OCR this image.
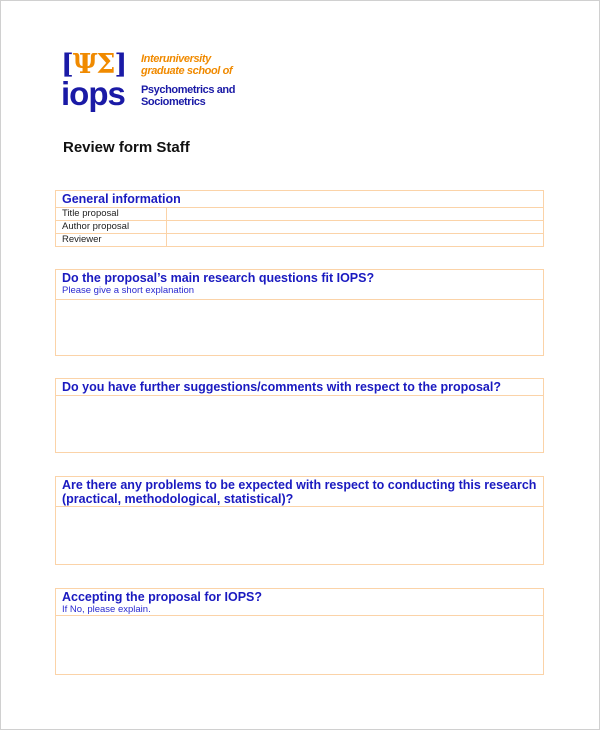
[ΨΣ]
iops
Interuniversity
graduate school of
Psychometrics and
Sociometrics
Review form Staff
General information
Title proposal
Author proposal
Reviewer
Do the proposal’s main research questions fit IOPS?
Please give a short explanation
Do you have further suggestions/comments with respect to the proposal?
Are there any problems to be expected with respect to conducting this research (practical, methodological, statistical)?
Accepting the proposal for IOPS?
If No, please explain.
